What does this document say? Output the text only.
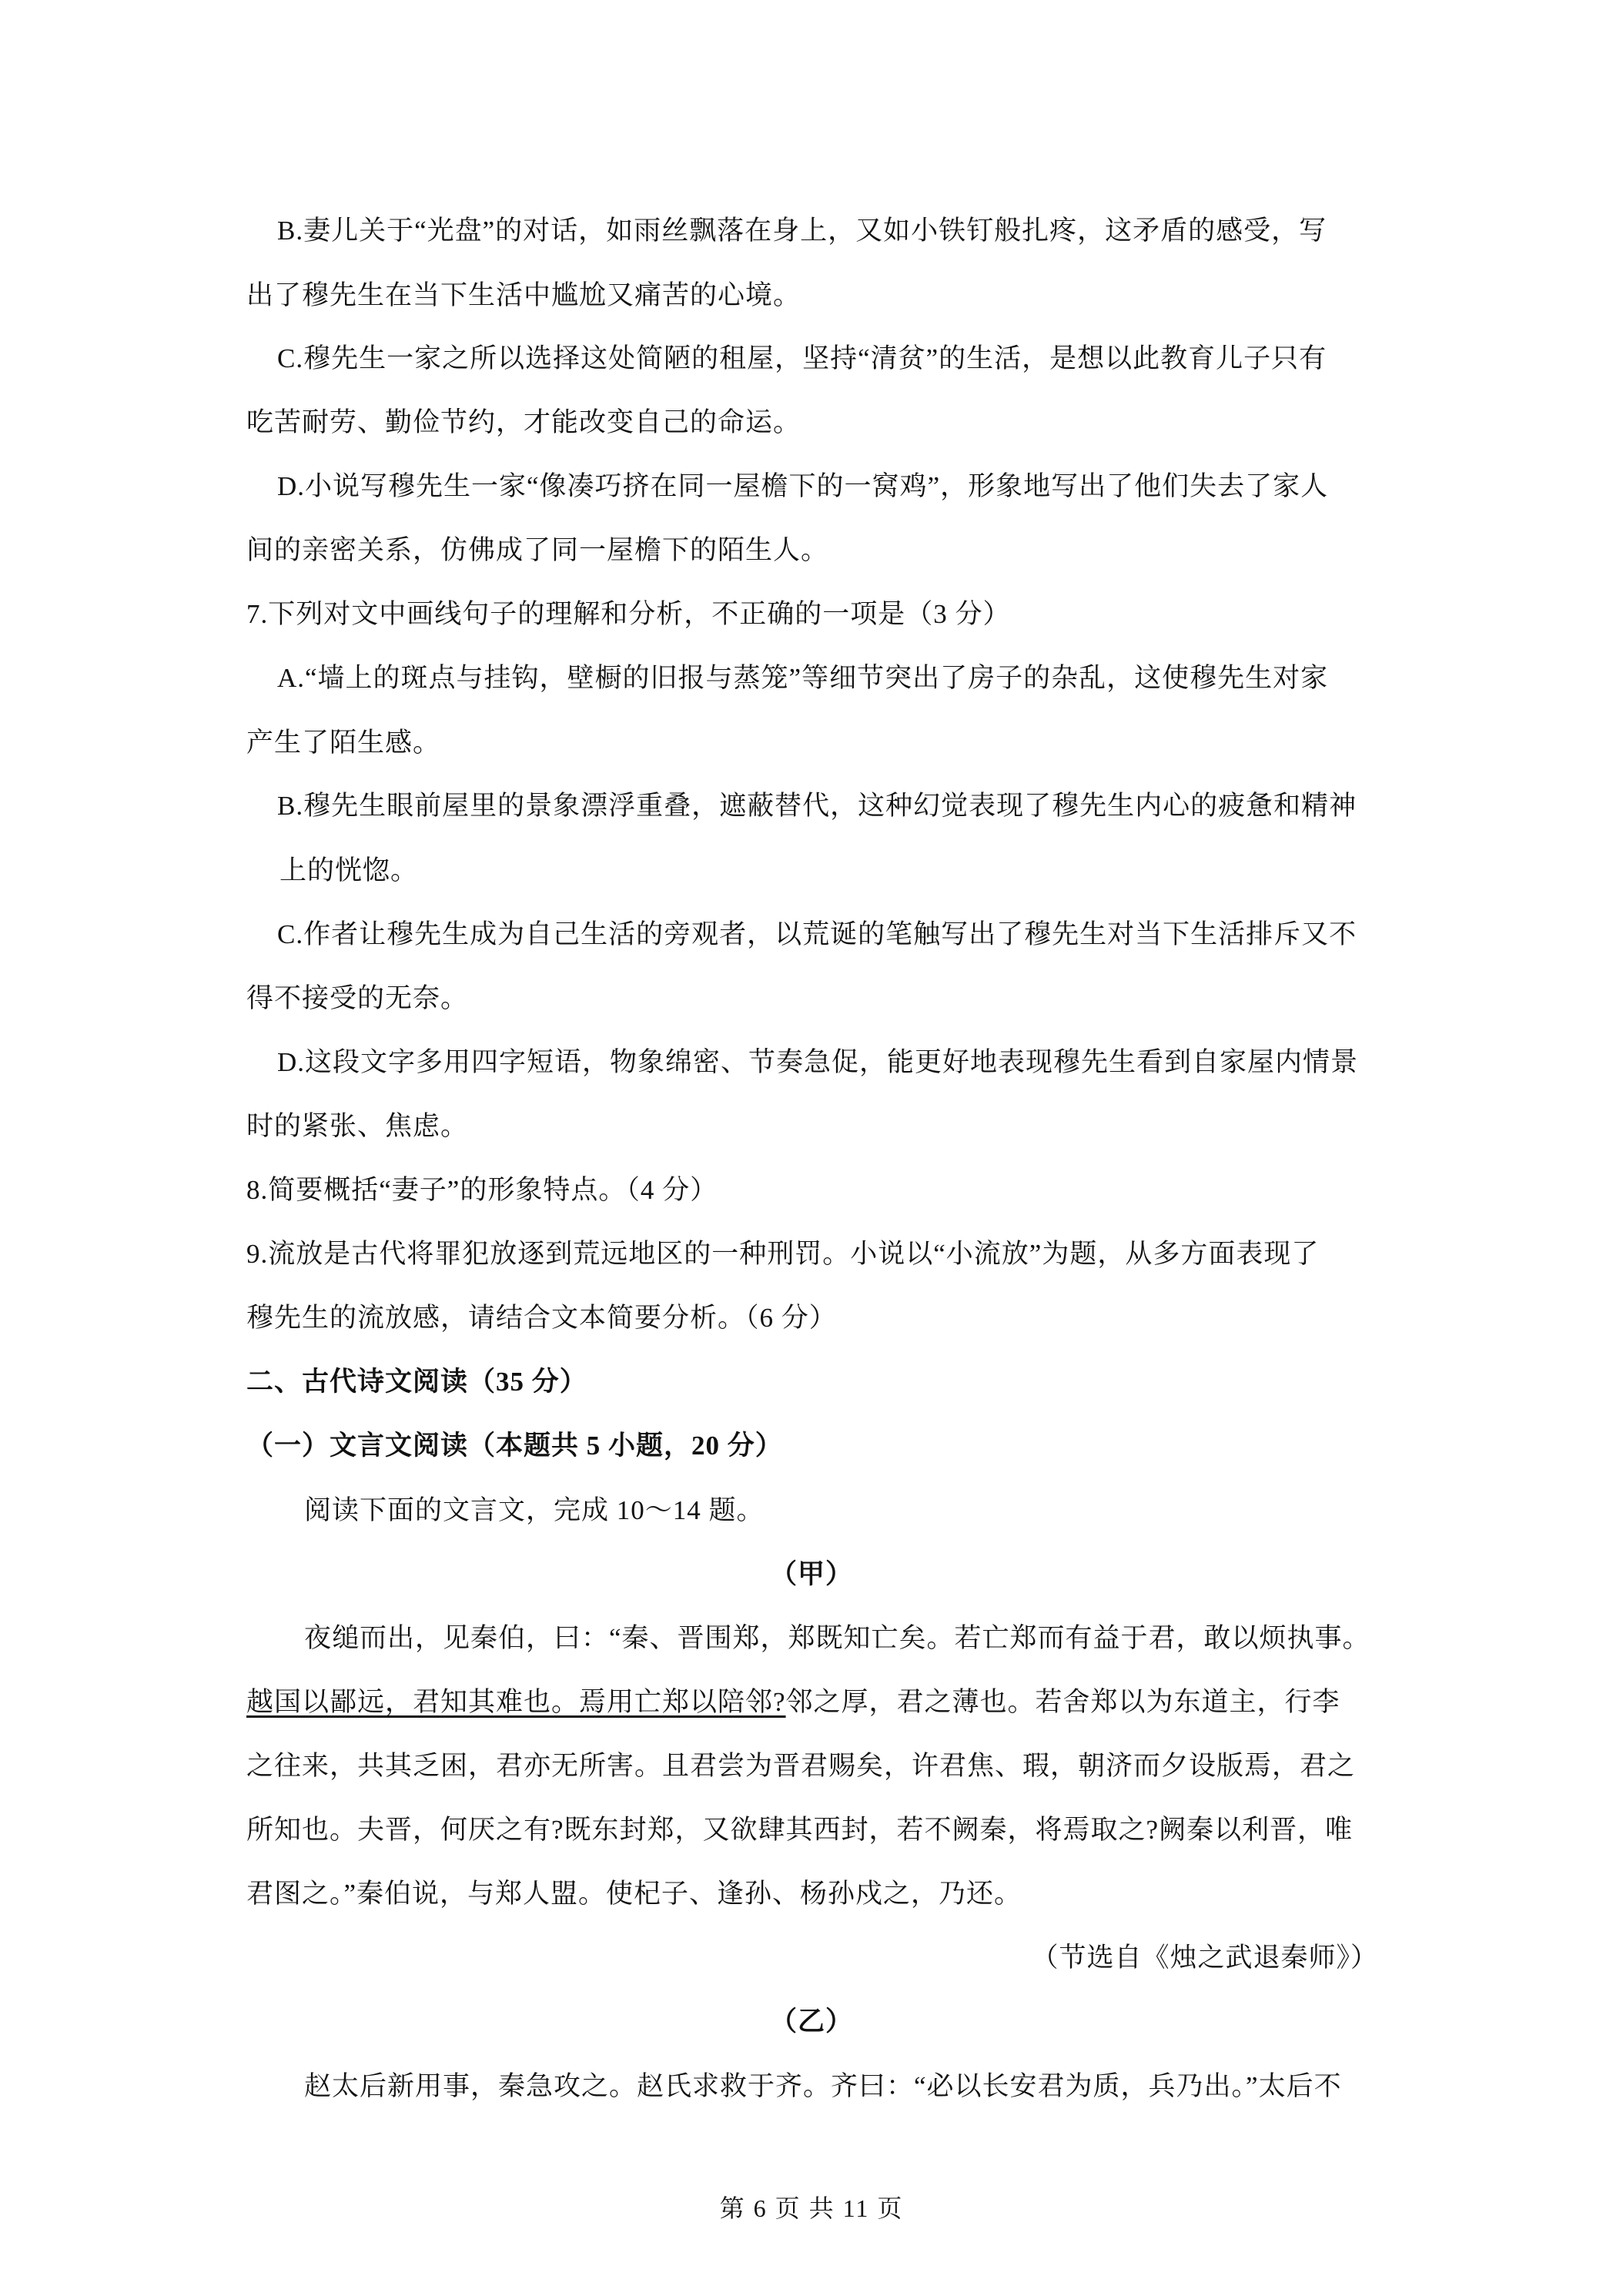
B.妻儿关于“光盘”的对话，如雨丝飘落在身上，又如小铁钉般扎疼，这矛盾的感受，写
出了穆先生在当下生活中尴尬又痛苦的心境。
C.穆先生一家之所以选择这处简陋的租屋，坚持“清贫”的生活，是想以此教育儿子只有
吃苦耐劳、勤俭节约，才能改变自己的命运。
D.小说写穆先生一家“像凑巧挤在同一屋檐下的一窝鸡”，形象地写出了他们失去了家人
间的亲密关系，仿佛成了同一屋檐下的陌生人。
7.下列对文中画线句子的理解和分析，不正确的一项是（3 分）
A.“墙上的斑点与挂钩，壁橱的旧报与蒸笼”等细节突出了房子的杂乱，这使穆先生对家
产生了陌生感。
B.穆先生眼前屋里的景象漂浮重叠，遮蔽替代，这种幻觉表现了穆先生内心的疲惫和精神
上的恍惚。
C.作者让穆先生成为自己生活的旁观者，以荒诞的笔触写出了穆先生对当下生活排斥又不
得不接受的无奈。
D.这段文字多用四字短语，物象绵密、节奏急促，能更好地表现穆先生看到自家屋内情景
时的紧张、焦虑。
8.简要概括“妻子”的形象特点。（4 分）
9.流放是古代将罪犯放逐到荒远地区的一种刑罚。小说以“小流放”为题，从多方面表现了
穆先生的流放感，请结合文本简要分析。（6 分）
二、古代诗文阅读（35 分）
（一）文言文阅读（本题共 5 小题，20 分）
阅读下面的文言文，完成 10～14 题。
（甲）
夜缒而出，见秦伯，曰：“秦、晋围郑，郑既知亡矣。若亡郑而有益于君，敢以烦执事。
越国以鄙远，君知其难也。焉用亡郑以陪邻?邻之厚，君之薄也。若舍郑以为东道主，行李
之往来，共其乏困，君亦无所害。且君尝为晋君赐矣，许君焦、瑕，朝济而夕设版焉，君之
所知也。夫晋，何厌之有?既东封郑，又欲肆其西封，若不阙秦，将焉取之?阙秦以利晋，唯
君图之。”秦伯说，与郑人盟。使杞子、逢孙、杨孙戍之，乃还。
（节选自《烛之武退秦师》）
（乙）
赵太后新用事，秦急攻之。赵氏求救于齐。齐曰：“必以长安君为质，兵乃出。”太后不
第 6 页 共 11 页
